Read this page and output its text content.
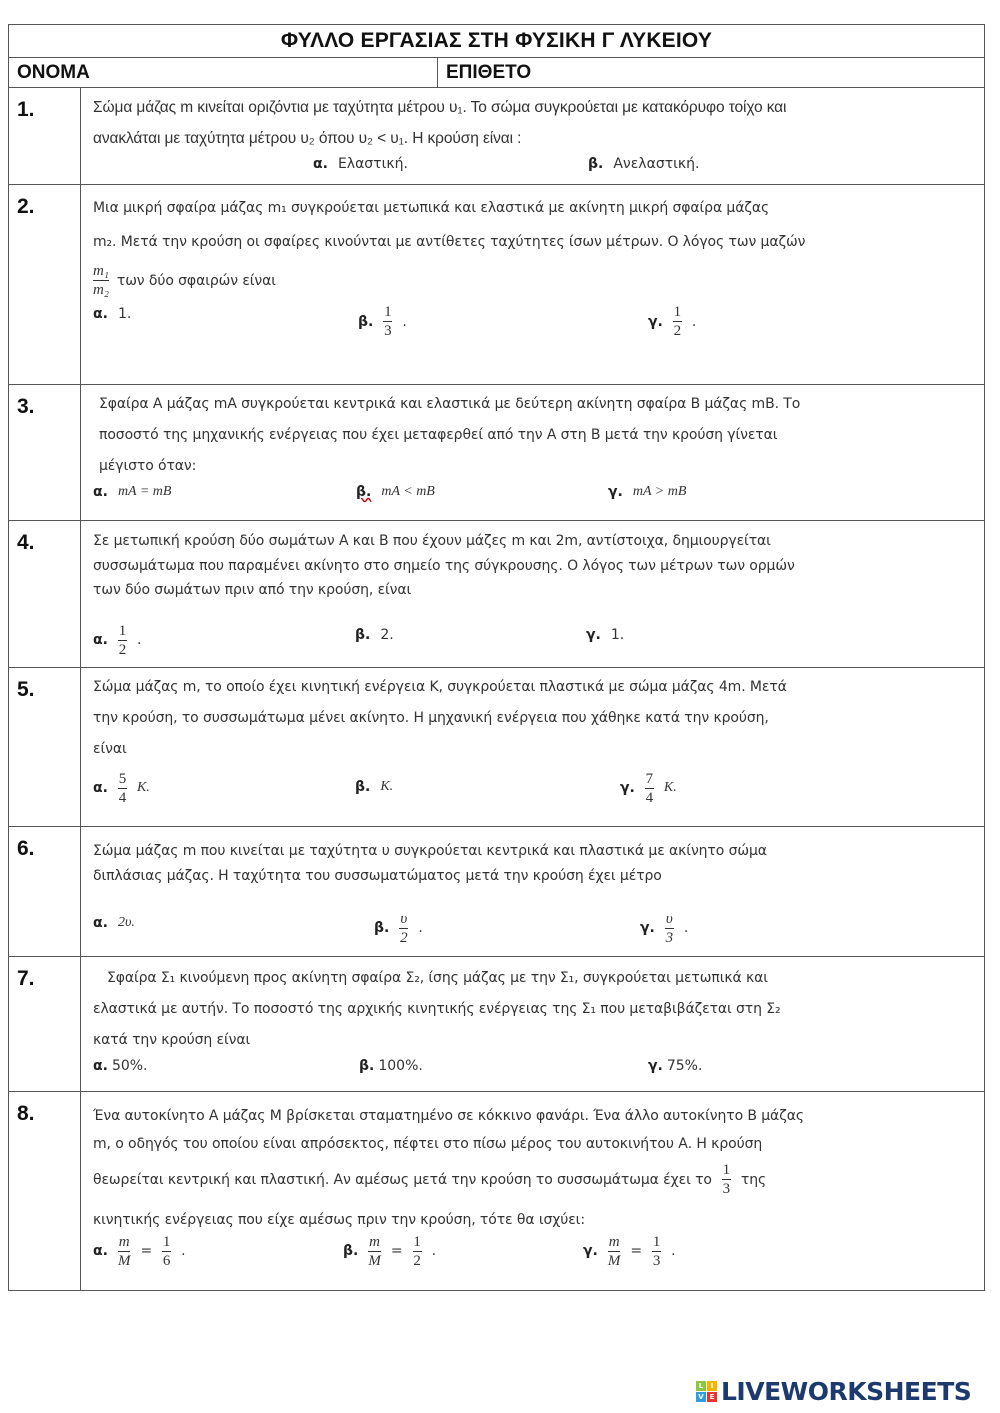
ΦΥΛΛΟ ΕΡΓΑΣΙΑΣ ΣΤΗ ΦΥΣΙΚΗ Γ ΛΥΚΕΙΟΥ		
ΟΝΟΜΑ		ΕΠΙΘΕΤΟ
1.	Σώμα μάζας m κινείται οριζόντια με ταχύτητα μέτρου υ₁. Το σώμα συγκρούεται με κατακόρυφο τοίχο και
ανακλάται με ταχύτητα μέτρου υ₂ όπου υ₂ < υ₁. Η κρούση είναι :
α. Ελαστική.	β. Ανελαστική.

2.	Μια μικρή σφαίρα μάζας m₁ συγκρούεται μετωπικά και ελαστικά με ακίνητη μικρή σφαίρα μάζας
m₂. Μετά την κρούση οι σφαίρες κινούνται με αντίθετες ταχύτητες ίσων μέτρων. Ο λόγος των μαζών
$\frac{\text{m₁}}{\text{m₂}}$ των δύο σφαιρών είναι
α. 1.	β. $\frac{1}{3}$ .	γ. $\frac{1}{2}$ .

3.	Σφαίρα Α μάζας mA συγκρούεται κεντρικά και ελαστικά με δεύτερη ακίνητη σφαίρα Β μάζας mB. Το
ποσοστό της μηχανικής ενέργειας που έχει μεταφερθεί από την Α στη Β μετά την κρούση γίνεται
μέγιστο όταν:
α. mA = mB	β. mA < mB	γ. mA > mB

4.	Σε μετωπική κρούση δύο σωμάτων Α και Β που έχουν μάζες m και 2m, αντίστοιχα, δημιουργείται
συσσωμάτωμα που παραμένει ακίνητο στο σημείο της σύγκρουσης. Ο λόγος των μέτρων των ορμών
των δύο σωμάτων πριν από την κρούση, είναι
α. $\frac{1}{2}$ .	β. 2.	γ. 1.

5.	Σώμα μάζας m, το οποίο έχει κινητική ενέργεια K, συγκρούεται πλαστικά με σώμα μάζας 4m. Μετά
την κρούση, το συσσωμάτωμα μένει ακίνητο. Η μηχανική ενέργεια που χάθηκε κατά την κρούση,
είναι
α. $\frac{5}{4} K$.	β. K.	γ. $\frac{7}{4} K$.

6.	Σώμα μάζας m που κινείται με ταχύτητα υ συγκρούεται κεντρικά και πλαστικά με ακίνητο σώμα
διπλάσιας μάζας. Η ταχύτητα του συσσωματώματος μετά την κρούση έχει μέτρο
α. 2υ.	β. $\frac{\upsilon}{2}$ .	γ. $\frac{\upsilon}{3}$ .

7.	Σφαίρα Σ₁ κινούμενη προς ακίνητη σφαίρα Σ₂, ίσης μάζας με την Σ₁, συγκρούεται μετωπικά και
ελαστικά με αυτήν. Το ποσοστό της αρχικής κινητικής ενέργειας της Σ₁ που μεταβιβάζεται στη Σ₂
κατά την κρούση είναι
α. 50%.	β. 100%.	γ. 75%.

8.	Ένα αυτοκίνητο Α μάζας M βρίσκεται σταματημένο σε κόκκινο φανάρι. Ένα άλλο αυτοκίνητο Β μάζας
m, ο οδηγός του οποίου είναι απρόσεκτος, πέφτει στο πίσω μέρος του αυτοκινήτου Α. Η κρούση
θεωρείται κεντρική και πλαστική. Αν αμέσως μετά την κρούση το συσσωμάτωμα έχει το $\frac{1}{3}$ της
κινητικής ενέργειας που είχε αμέσως πριν την κρούση, τότε θα ισχύει:
α. $\frac{m}{M} = \frac{1}{6}$ .	β. $\frac{m}{M} = \frac{1}{2}$ .	γ. $\frac{m}{M} = \frac{1}{3}$ .
L	I
V E LIVEWORKSHEETS
